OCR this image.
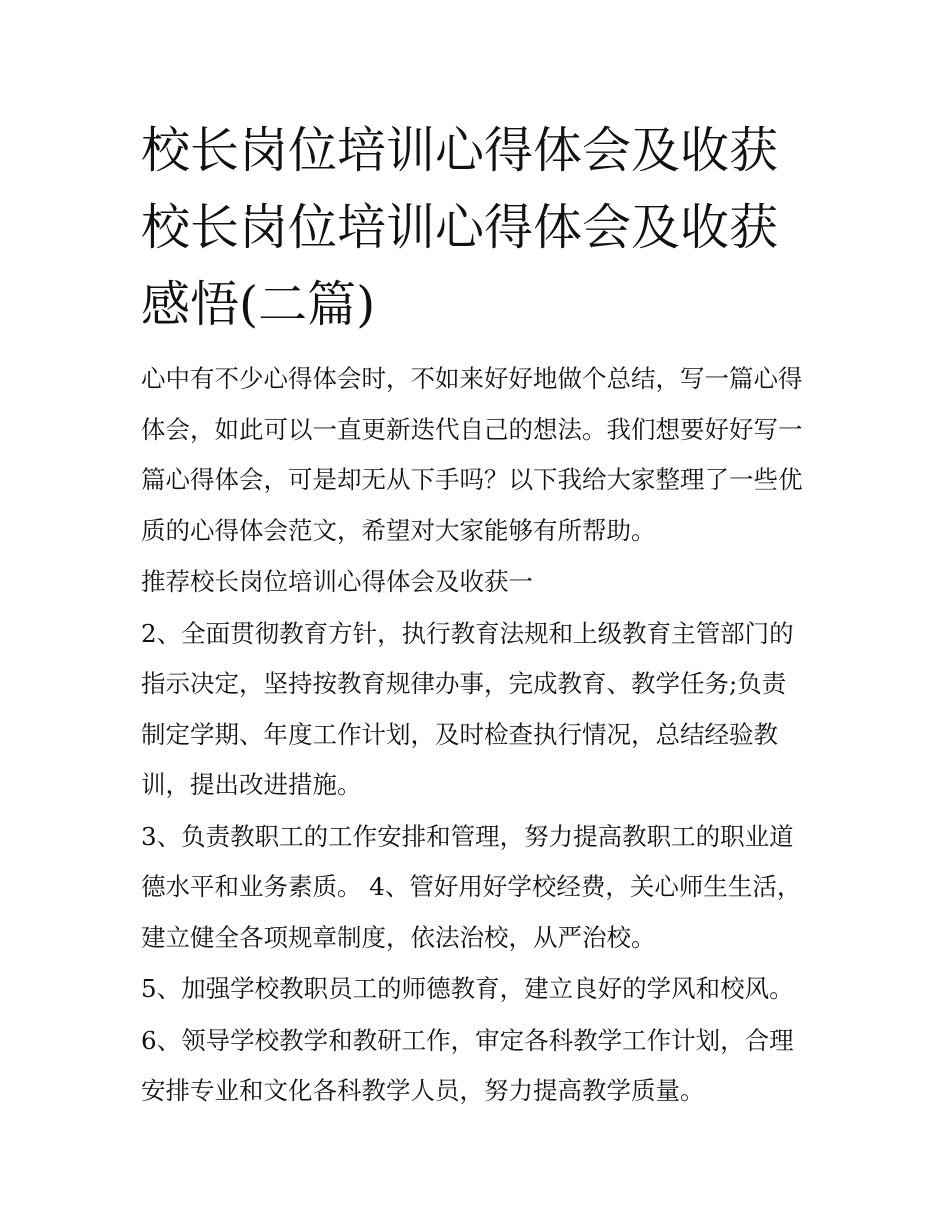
校长岗位培训心得体会及收获
校长岗位培训心得体会及收获
感悟(二篇)

心中有不少心得体会时，不如来好好地做个总结，写一篇心得
体会，如此可以一直更新迭代自己的想法。我们想要好好写一
篇心得体会，可是却无从下手吗？以下我给大家整理了一些优
质的心得体会范文，希望对大家能够有所帮助。

推荐校长岗位培训心得体会及收获一

2、全面贯彻教育方针，执行教育法规和上级教育主管部门的
指示决定，坚持按教育规律办事，完成教育、教学任务;负责
制定学期、年度工作计划，及时检查执行情况，总结经验教
训，提出改进措施。

3、负责教职工的工作安排和管理，努力提高教职工的职业道
德水平和业务素质。 4、管好用好学校经费，关心师生生活，
建立健全各项规章制度，依法治校，从严治校。

5、加强学校教职员工的师德教育，建立良好的学风和校风。

6、领导学校教学和教研工作，审定各科教学工作计划，合理
安排专业和文化各科教学人员，努力提高教学质量。
